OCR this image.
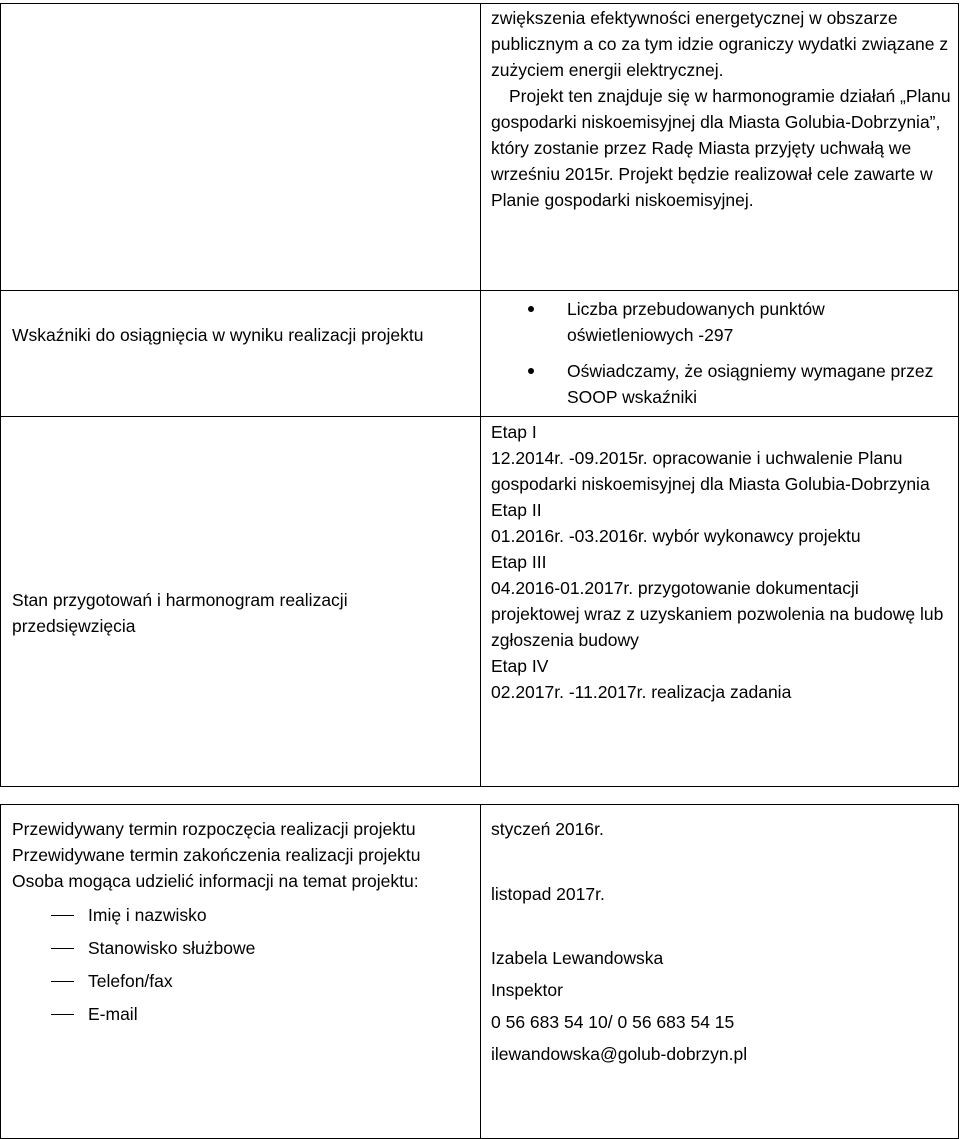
zwiększenia efektywności energetycznej w obszarze publicznym a co za tym idzie ograniczy wydatki związane z zużyciem energii elektrycznej.

Projekt ten znajduje się w harmonogramie działań „Planu gospodarki niskoemisyjnej dla Miasta Golubia-Dobrzynia”, który zostanie przez Radę Miasta przyjęty uchwałą we wrześniu 2015r. Projekt będzie realizował cele zawarte w Planie gospodarki niskoemisyjnej.

Wskaźniki do osiągnięcia w wyniku realizacji projektu
Liczba przebudowanych punktów oświetleniowych -297
Oświadczamy, że osiągniemy wymagane przez SOOP wskaźniki
Stan przygotowań i harmonogram realizacji przedsięwzięcia

Etap I

12.2014r. -09.2015r. opracowanie i uchwalenie Planu gospodarki niskoemisyjnej dla Miasta Golubia-Dobrzynia

Etap II

01.2016r. -03.2016r. wybór wykonawcy projektu

Etap III

04.2016-01.2017r. przygotowanie dokumentacji projektowej wraz z uzyskaniem pozwolenia na budowę lub zgłoszenia budowy

Etap IV

02.2017r. -11.2017r. realizacja zadania

Przewidywany termin rozpoczęcia realizacji projektu

Przewidywane termin zakończenia realizacji projektu

Osoba mogąca udzielić informacji na temat projektu:

Imię i nazwisko
Stanowisko służbowe
Telefon/fax
E-mail
styczeń 2016r.
listopad 2017r.
Izabela Lewandowska
Inspektor
0 56 683 54 10/ 0 56 683 54 15
ilewandowska@golub-dobrzyn.pl
